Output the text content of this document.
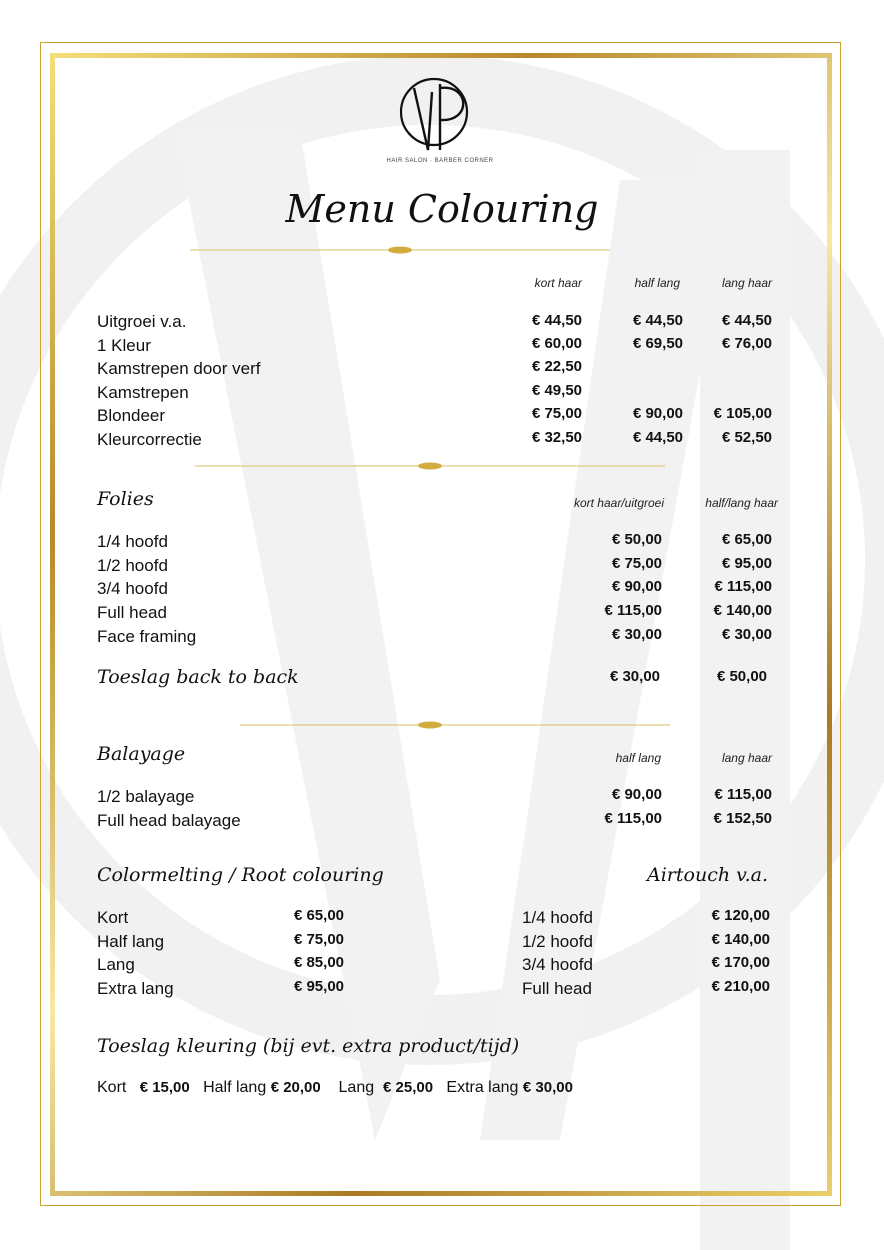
HAIR SALON · BARBER CORNER
Menu Colouring
kort haar	half lang	lang haar
Uitgroei v.a.	€ 44,50	€ 44,50	€ 44,50
1 Kleur	€ 60,00	€ 69,50	€ 76,00
Kamstrepen door verf	€ 22,50
Kamstrepen	€ 49,50
Blondeer	€ 75,00	€ 90,00	€ 105,00
Kleurcorrectie	€ 32,50	€ 44,50	€ 52,50
Folies	kort haar/uitgroei	half/lang haar
1/4 hoofd	€ 50,00	€ 65,00
1/2 hoofd	€ 75,00	€ 95,00
3/4 hoofd	€ 90,00	€ 115,00
Full head	€ 115,00	€ 140,00
Face framing	€ 30,00	€ 30,00
Toeslag back to back	€ 30,00	€ 50,00
Balayage	half lang	lang haar
1/2 balayage	€ 90,00	€ 115,00
Full head balayage	€ 115,00	€ 152,50
Colormelting / Root colouring	Airtouch v.a.
Kort	€ 65,00
Half lang	€ 75,00
Lang	€ 85,00
Extra lang	€ 95,00
1/4 hoofd	€ 120,00
1/2 hoofd	€ 140,00
3/4 hoofd	€ 170,00
Full head	€ 210,00
Toeslag kleuring (bij evt. extra product/tijd)
Kort € 15,00 Half lang € 20,00 Lang € 25,00 Extra lang € 30,00
